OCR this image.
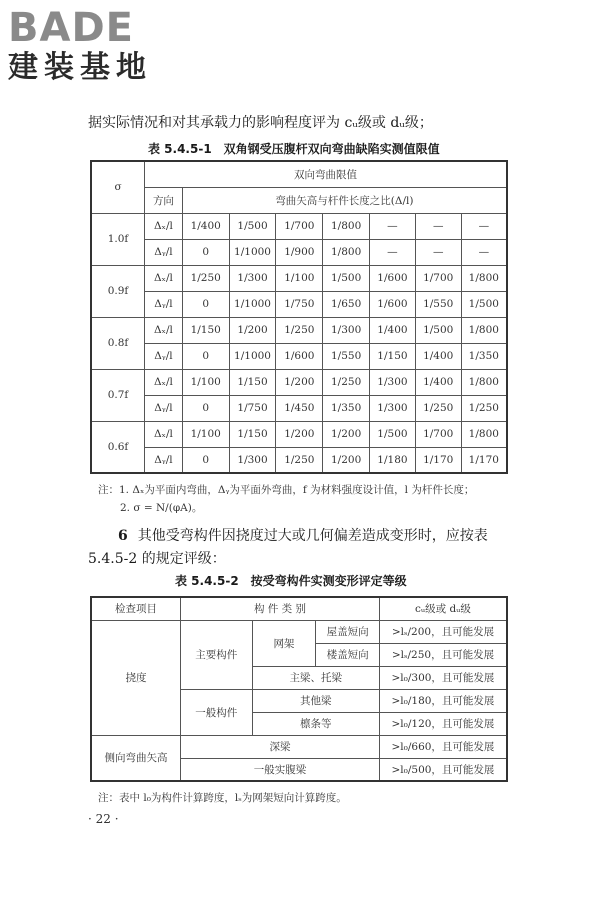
BADE
建装基地
据实际情况和对其承载力的影响程度评为 cᵤ级或 dᵤ级；
表 5.4.5-1　双角钢受压腹杆双向弯曲缺陷实测值限值
σ	双向弯曲限值							
	方向	弯曲矢高与杆件长度之比(Δ/l)						
1.0f	Δₓ/l	1/400	1/500	1/700	1/800	—	—	—
	Δᵧ/l	0	1/1000	1/900	1/800	—	—	—
0.9f	Δₓ/l	1/250	1/300	1/100	1/500	1/600	1/700	1/800
	Δᵧ/l	0	1/1000	1/750	1/650	1/600	1/550	1/500
0.8f	Δₓ/l	1/150	1/200	1/250	1/300	1/400	1/500	1/800
	Δᵧ/l	0	1/1000	1/600	1/550	1/150	1/400	1/350
0.7f	Δₓ/l	1/100	1/150	1/200	1/250	1/300	1/400	1/800
	Δᵧ/l	0	1/750	1/450	1/350	1/300	1/250	1/250
0.6f	Δₓ/l	1/100	1/150	1/200	1/200	1/500	1/700	1/800
	Δᵧ/l	0	1/300	1/250	1/200	1/180	1/170	1/170
注：1. Δₓ为平面内弯曲，Δᵧ为平面外弯曲，f 为材料强度设计值，l 为杆件长度；
2. σ = N/(φA)。
6 其他受弯构件因挠度过大或几何偏差造成变形时，应按表
5.4.5-2 的规定评级：
表 5.4.5-2　按受弯构件实测变形评定等级
检查项目	构 件 类 别			cᵤ级或 dᵤ级
挠度	主要构件	网架	屋盖短向	>lₛ/200，且可能发展
			楼盖短向	>lₛ/250，且可能发展
		主梁、托梁		>l₀/300，且可能发展
	一般构件	其他梁		>l₀/180，且可能发展
		檩条等		>l₀/120，且可能发展

侧向弯曲矢高	深梁			>l₀/660，且可能发展
	一般实腹梁			>l₀/500，且可能发展
注：表中 l₀为构件计算跨度，lₛ为网架短向计算跨度。
· 22 ·
